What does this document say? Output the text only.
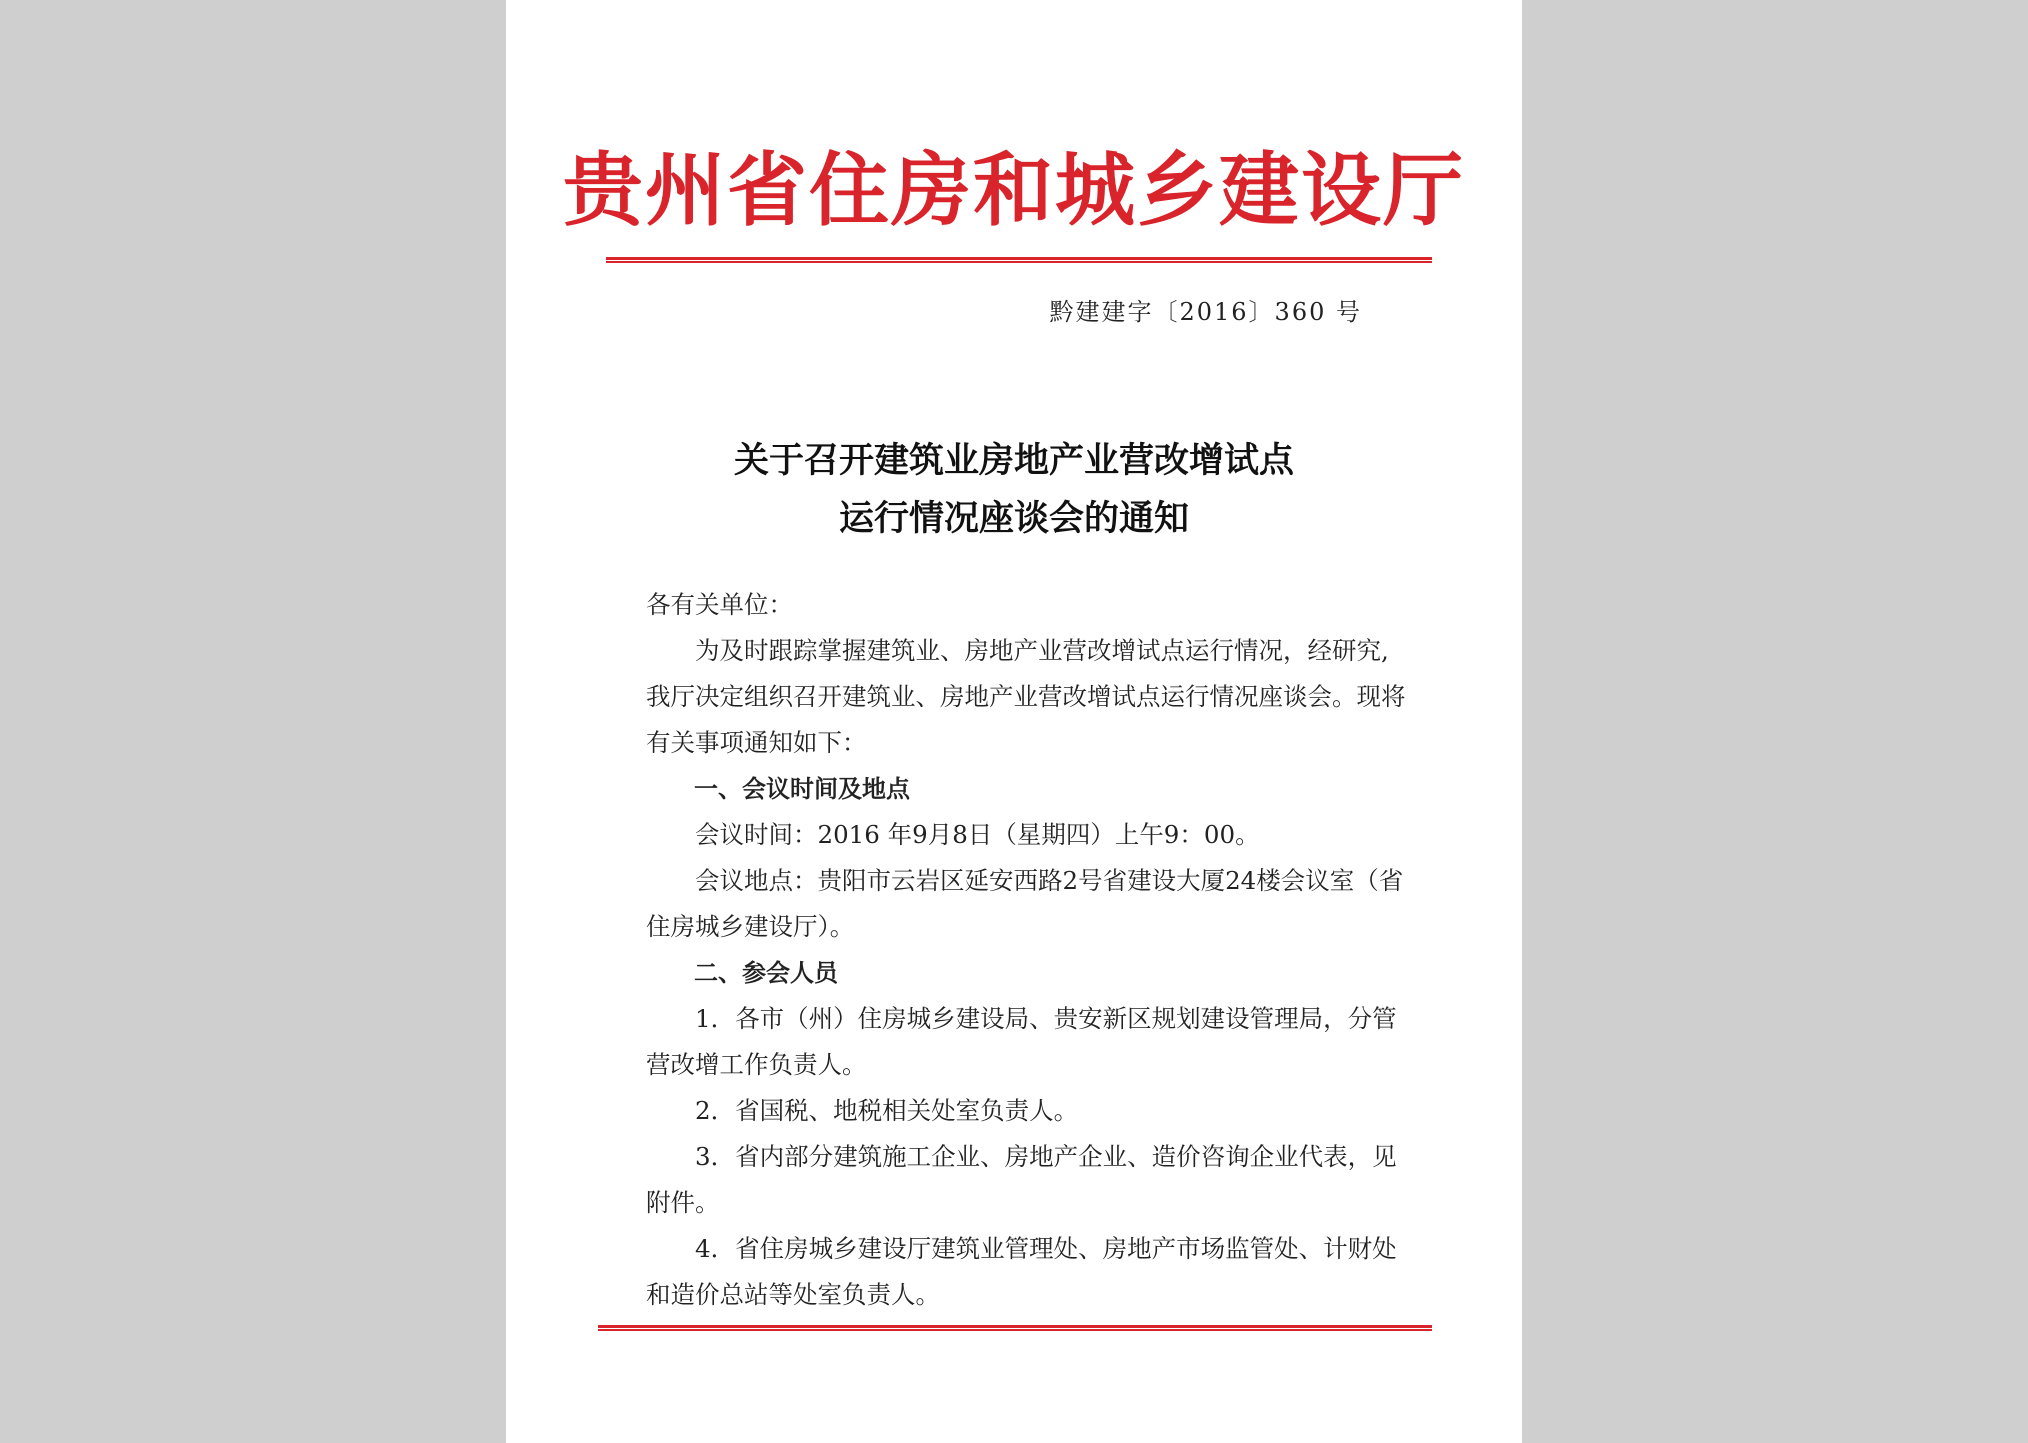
贵州省住房和城乡建设厅
黔建建字〔2016〕360 号
关于召开建筑业房地产业营改增试点
运行情况座谈会的通知

各有关单位：

为及时跟踪掌握建筑业、房地产业营改增试点运行情况，经研究,我厅决定组织召开建筑业、房地产业营改增试点运行情况座谈会。现将有关事项通知如下：

一、会议时间及地点

会议时间：2016 年9月8日（星期四）上午9：00。

会议地点：贵阳市云岩区延安西路2号省建设大厦24楼会议室（省住房城乡建设厅）。

二、参会人员

1．各市（州）住房城乡建设局、贵安新区规划建设管理局，分管营改增工作负责人。

2．省国税、地税相关处室负责人。

3．省内部分建筑施工企业、房地产企业、造价咨询企业代表，见附件。

4．省住房城乡建设厅建筑业管理处、房地产市场监管处、计财处和造价总站等处室负责人。
